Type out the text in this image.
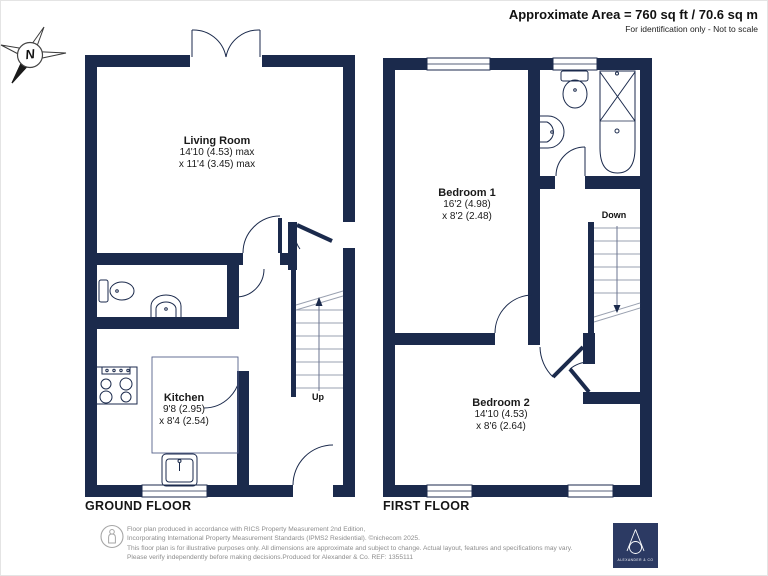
Approximate Area = 760 sq ft / 70.6 sq m
For identification only - Not to scale
N
Living Room
14'10 (4.53) max
x 11'4 (3.45) max
Kitchen
9'8 (2.95)
x 8'4 (2.54)
Bedroom 1
16'2 (4.98)
x 8'2 (2.48)
Bedroom 2
14'10 (4.53)
x 8'6 (2.64)
Up
Down
GROUND FLOOR	FIRST FLOOR
Floor plan produced in accordance with RICS Property Measurement 2nd Edition,
Incorporating International Property Measurement Standards (IPMS2 Residential). ©nichecom 2025.
This floor plan is for illustrative purposes only. All dimensions are approximate and subject to change. Actual layout, features and specifications may vary.
Please verify independently before making decisions.Produced for Alexander & Co. REF: 1355111	ALEXANDER & CO
